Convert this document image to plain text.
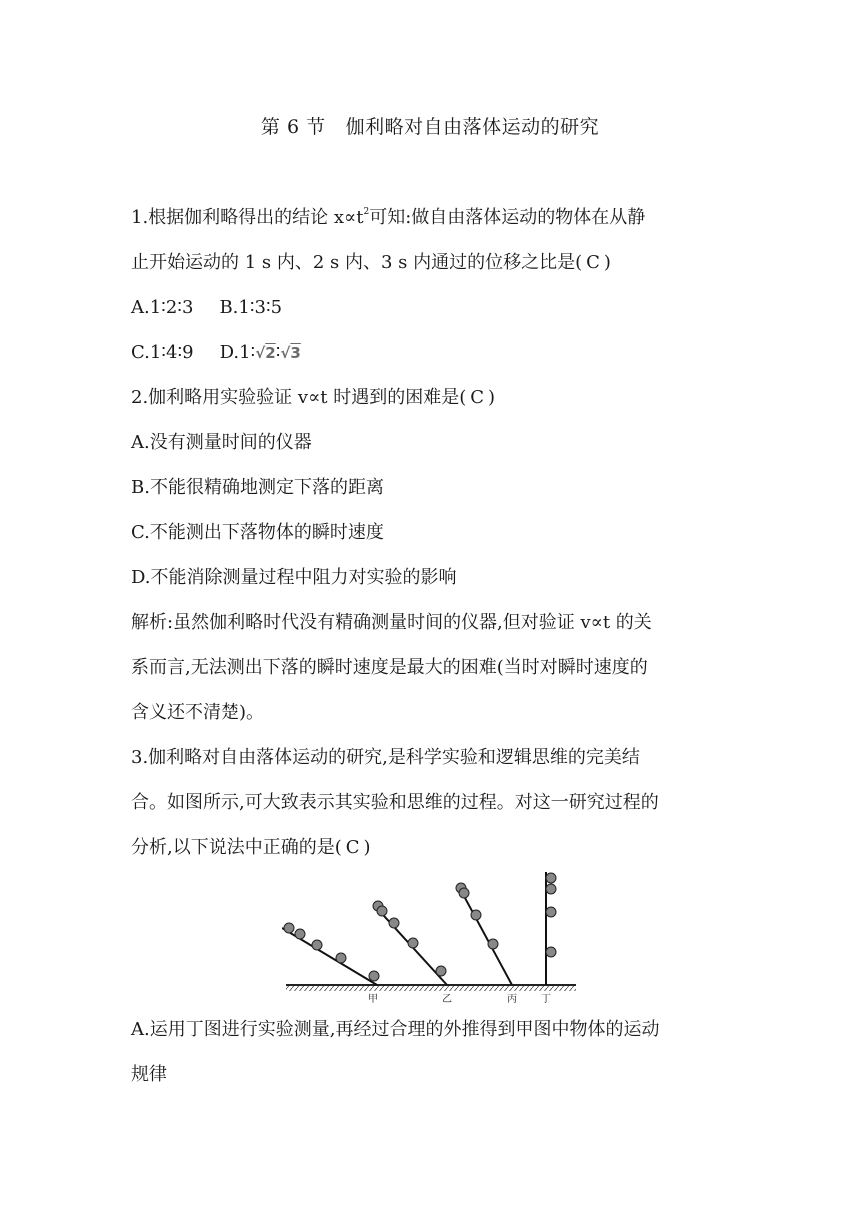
第 6 节 伽利略对自由落体运动的研究
1.根据伽利略得出的结论 $x\propto t^2$可知:做自由落体运动的物体在从静
止开始运动的 1 s 内、2 s 内、3 s 内通过的位移之比是( C )
A.1∶2∶3 B.1∶3∶5
C.1∶4∶9 D.1∶√2∶√3
2.伽利略用实验验证 v∝t 时遇到的困难是( C )
A.没有测量时间的仪器
B.不能很精确地测定下落的距离
C.不能测出下落物体的瞬时速度
D.不能消除测量过程中阻力对实验的影响
解析:虽然伽利略时代没有精确测量时间的仪器,但对验证 v∝t 的关
系而言,无法测出下落的瞬时速度是最大的困难(当时对瞬时速度的
含义还不清楚)。
3.伽利略对自由落体运动的研究,是科学实验和逻辑思维的完美结
合。如图所示,可大致表示其实验和思维的过程。对这一研究过程的
分析,以下说法中正确的是( C )
甲	乙	丙 丁
A.运用丁图进行实验测量,再经过合理的外推得到甲图中物体的运动
规律
